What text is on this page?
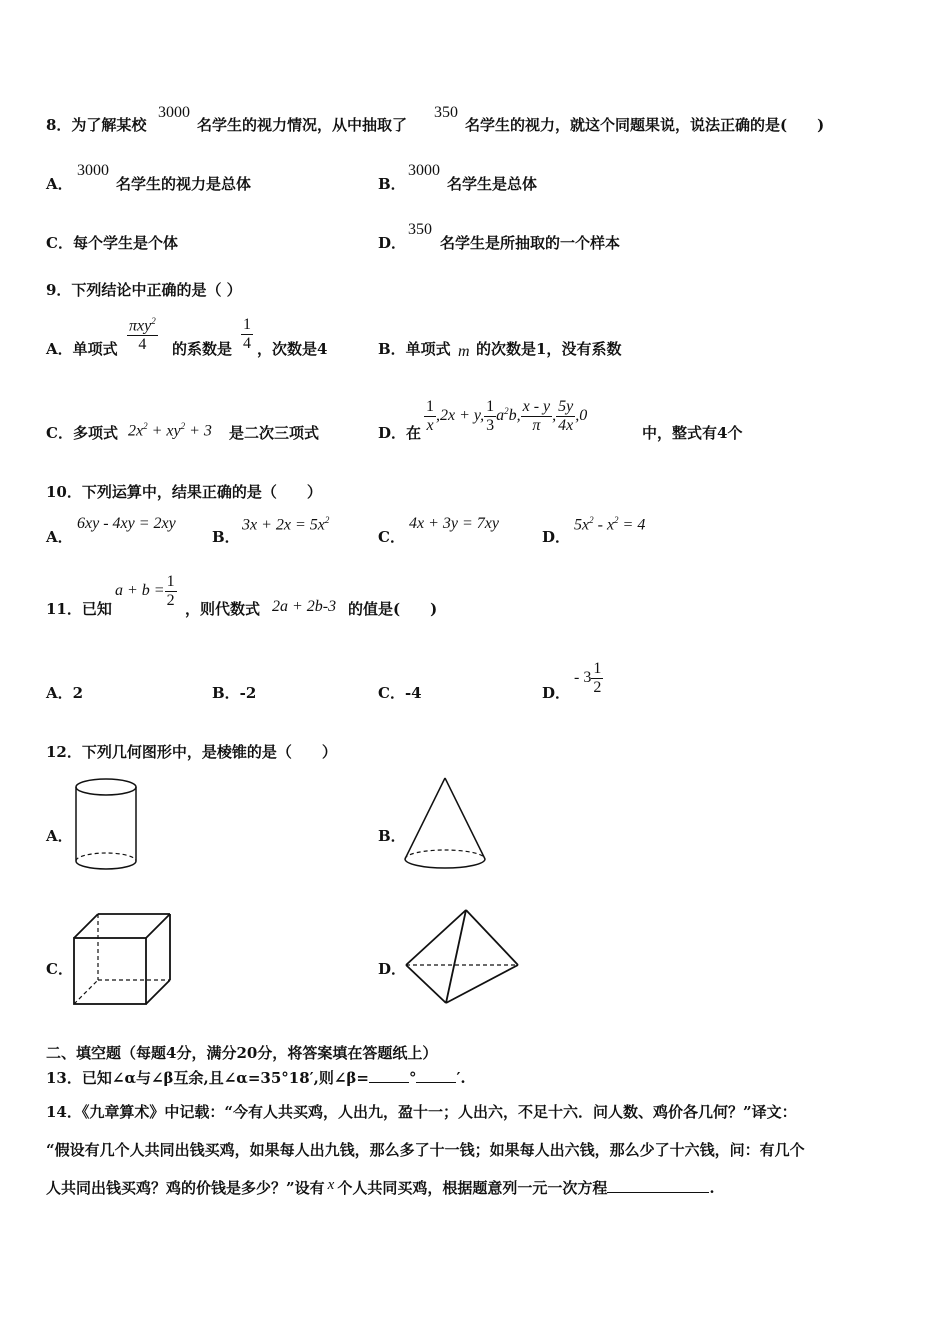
8．为了解某校
3000
名学生的视力情况，从中抽取了
350
名学生的视力，就这个同题果说，说法正确的是(　　)
A．
3000
名学生的视力是总体	B．
3000
名学生是总体
C．每个学生是个体	D．
350
名学生是所抽取的一个样本
9．下列结论中正确的是（ ）
A．单项式 $\frac{\pi xy^2}{4}$ 的系数是 $\frac{1}{4}$ ，次数是4	B．单项式 m 的次数是1，没有系数
C．多项式 $2x^2 + xy^2 + 3$ 是二次三项式	D．在 $\frac{1}{x} ,2x + y$, $\frac{1}{3} a^2b$, $\frac{x - y}{\pi}$ , $\frac{5y}{4x} ,0$
中，整式有4个
10．下列运算中，结果正确的是（　　）
A．
6xy - 4xy = 2xy
B．
$3x + 2x = 5x^2$
C．
4x + 3y = 7xy
D．
$5x^2 - x^2 = 4$
11．已知
$a + b = \frac{1}{2}$ ，则代数式 2a + 2b-3 的值是(　　)
A．2	B．-2	C．-4	D．
- $3 \frac{1}{2}$
12．下列几何图形中，是棱锥的是（　　）
A．	B．
C．	D．
二、填空题（每题4分，满分20分，将答案填在答题纸上）
13．已知∠α与∠β互余,且∠α=35°18′,则∠β=	°	′.
14．《九章算术》中记载：“今有人共买鸡，人出九，盈十一；人出六，不足十六．问人数、鸡价各几何？”译文：
“假设有几个人共同出钱买鸡，如果每人出九钱，那么多了十一钱；如果每人出六钱，那么少了十六钱，问：有几个
人共同出钱买鸡？鸡的价钱是多少？”设有 x 个人共同买鸡，根据题意列一元一次方程	.
